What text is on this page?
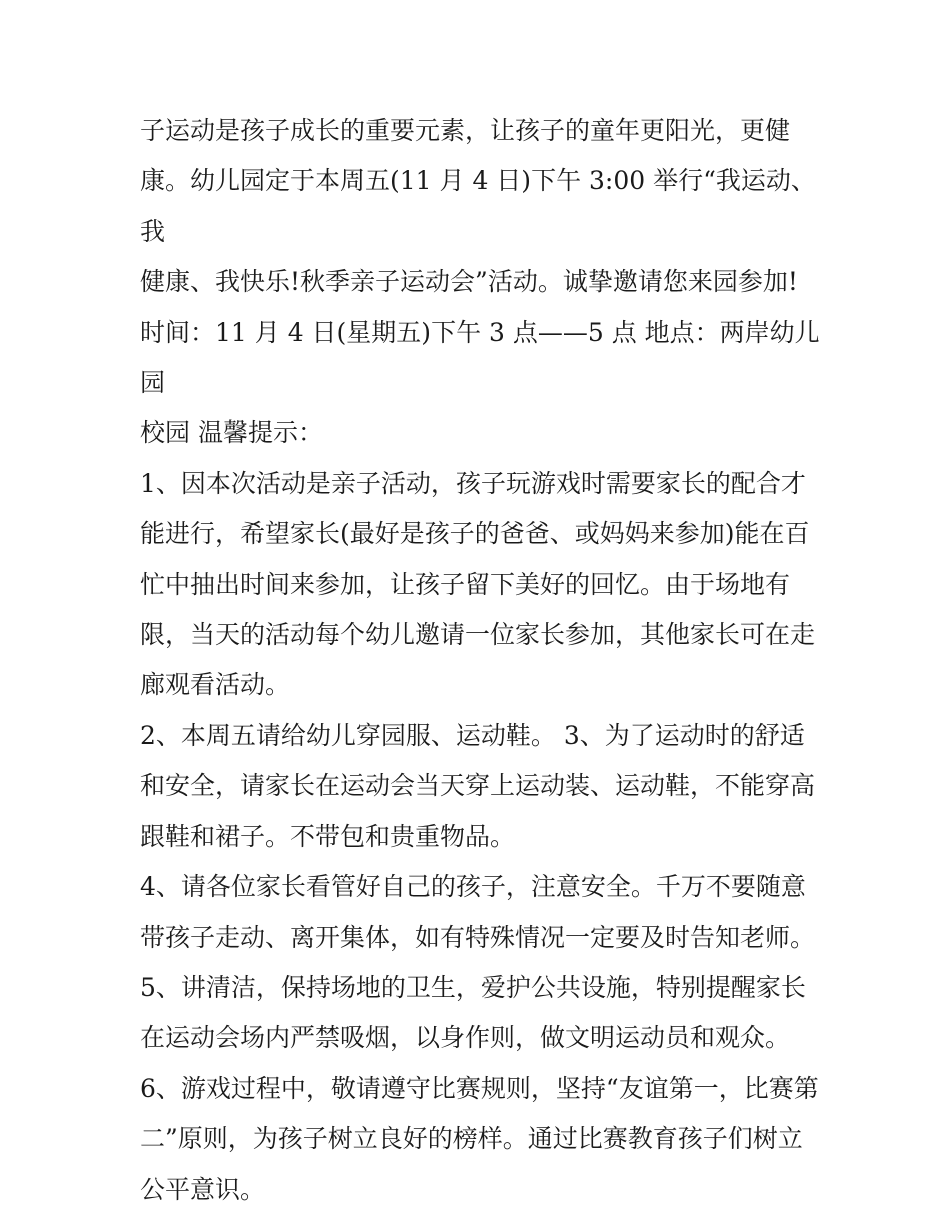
子运动是孩子成长的重要元素，让孩子的童年更阳光，更健

康。幼儿园定于本周五(11 月 4 日)下午 3:00 举行“我运动、我

健康、我快乐!秋季亲子运动会”活动。诚挚邀请您来园参加!

时间：11 月 4 日(星期五)下午 3 点——5 点 地点：两岸幼儿园

校园 温馨提示：

1、因本次活动是亲子活动，孩子玩游戏时需要家长的配合才

能进行，希望家长(最好是孩子的爸爸、或妈妈来参加)能在百

忙中抽出时间来参加，让孩子留下美好的回忆。由于场地有

限，当天的活动每个幼儿邀请一位家长参加，其他家长可在走

廊观看活动。

2、本周五请给幼儿穿园服、运动鞋。 3、为了运动时的舒适

和安全，请家长在运动会当天穿上运动装、运动鞋，不能穿高

跟鞋和裙子。不带包和贵重物品。

4、请各位家长看管好自己的孩子，注意安全。千万不要随意

带孩子走动、离开集体，如有特殊情况一定要及时告知老师。

5、讲清洁，保持场地的卫生，爱护公共设施，特别提醒家长

在运动会场内严禁吸烟，以身作则，做文明运动员和观众。

6、游戏过程中，敬请遵守比赛规则，坚持“友谊第一，比赛第

二”原则，为孩子树立良好的榜样。通过比赛教育孩子们树立

公平意识。
